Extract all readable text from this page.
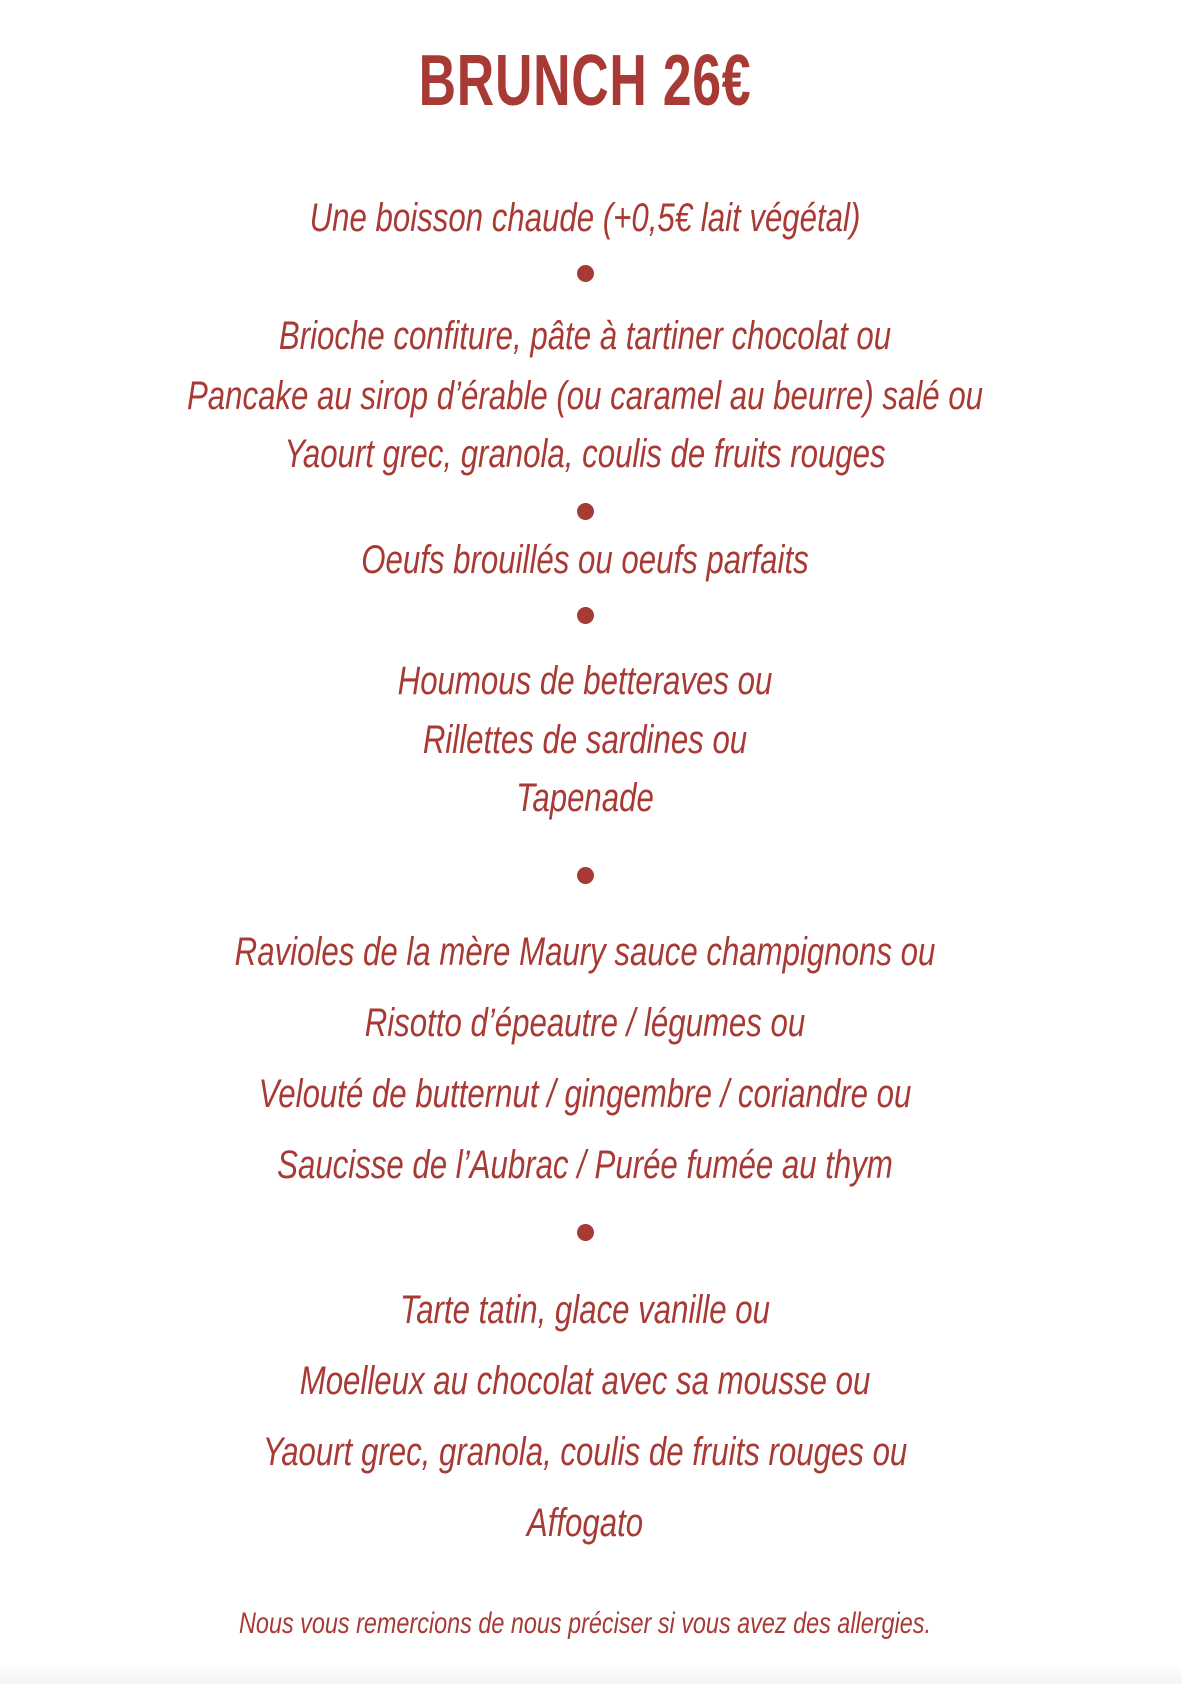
BRUNCH 26€
Une boisson chaude (+0,5€ lait végétal)
Brioche confiture, pâte à tartiner chocolat ou
Pancake au sirop d’érable (ou caramel au beurre) salé ou
Yaourt grec, granola, coulis de fruits rouges
Oeufs brouillés ou oeufs parfaits
Houmous de betteraves ou
Rillettes de sardines ou
Tapenade
Ravioles de la mère Maury sauce champignons ou
Risotto d’épeautre / légumes ou
Velouté de butternut / gingembre / coriandre ou
Saucisse de l’Aubrac / Purée fumée au thym
Tarte tatin, glace vanille ou
Moelleux au chocolat avec sa mousse ou
Yaourt grec, granola, coulis de fruits rouges ou
Affogato
Nous vous remercions de nous préciser si vous avez des allergies.
